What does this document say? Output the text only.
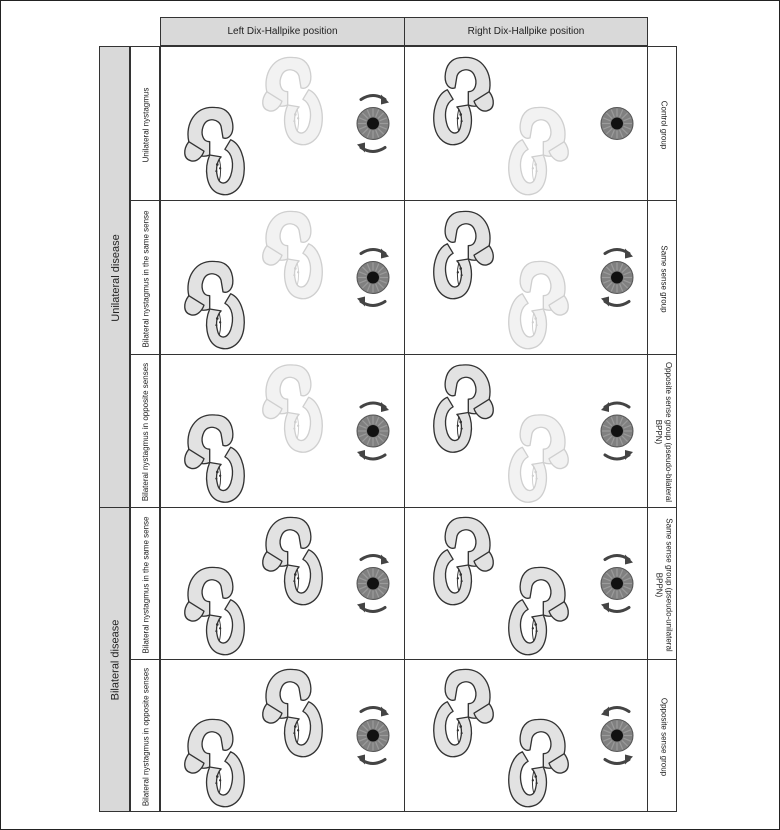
Left Dix-Hallpike position	Right Dix-Hallpike position
Unilateral disease
Bilateral disease
Unilateral nystagmus	Control group
Bilateral nystagmus in the same sense	Same sense group
Bilateral nystagmus in opposite senses	Opposite sense group (pseudo-bilateral BPPN)
Bilateral nystagmus in the same sense	Same sense group (pseudo-unilateral BPPN)
Bilateral nystagmus in opposite senses	Opposite sense group
